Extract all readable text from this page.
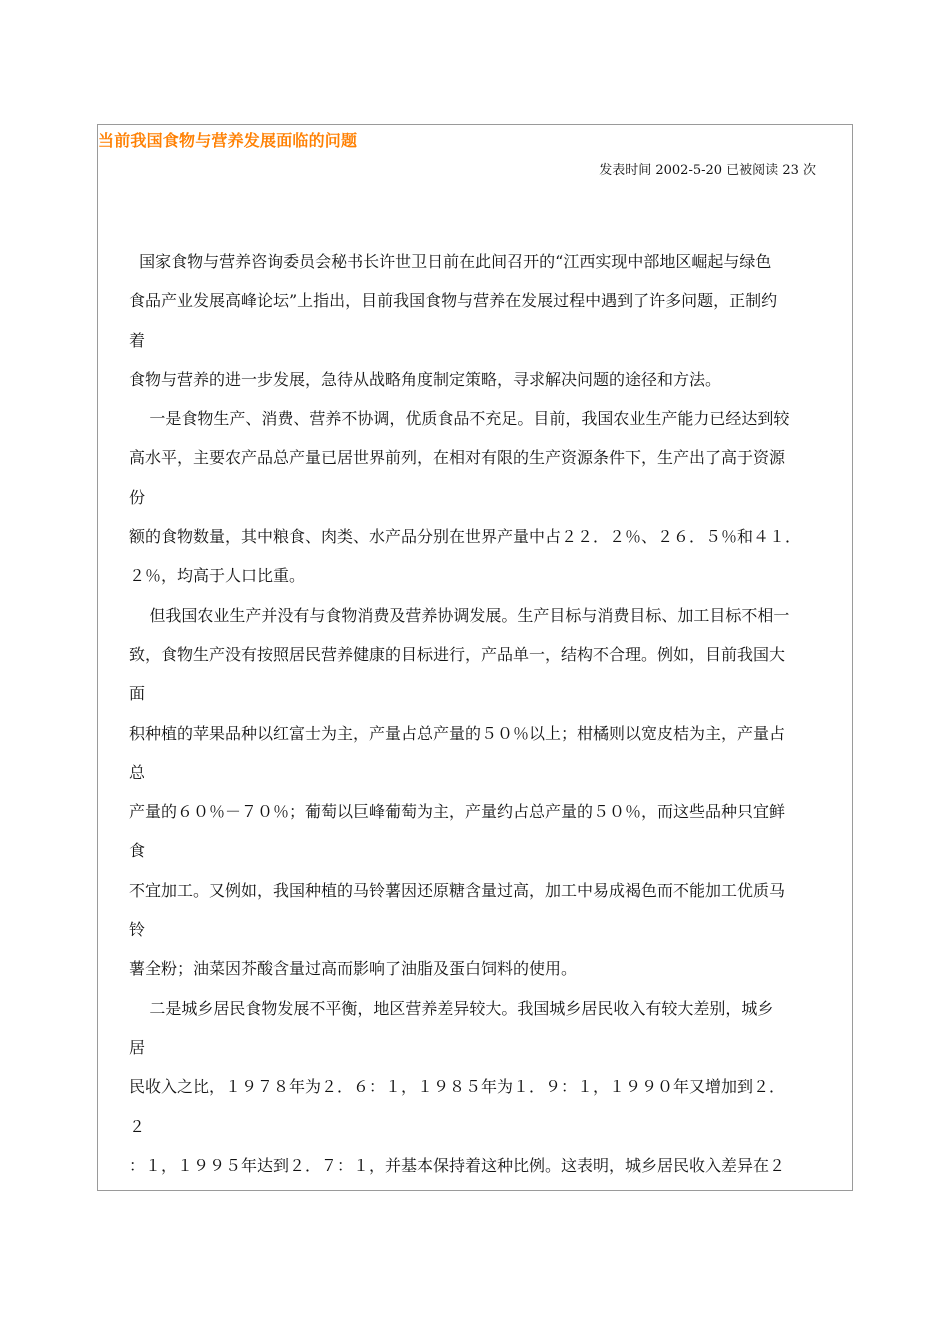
当前我国食物与营养发展面临的问题
发表时间 2002-5-20 已被阅读 23 次
国家食物与营养咨询委员会秘书长许世卫日前在此间召开的“江西实现中部地区崛起与绿色
食品产业发展高峰论坛”上指出，目前我国食物与营养在发展过程中遇到了许多问题，正制约
着
食物与营养的进一步发展，急待从战略角度制定策略，寻求解决问题的途径和方法。
一是食物生产、消费、营养不协调，优质食品不充足。目前，我国农业生产能力已经达到较
高水平，主要农产品总产量已居世界前列，在相对有限的生产资源条件下，生产出了高于资源
份
额的食物数量，其中粮食、肉类、水产品分别在世界产量中占２２．２％、２６．５％和４１．
２％，均高于人口比重。
但我国农业生产并没有与食物消费及营养协调发展。生产目标与消费目标、加工目标不相一
致，食物生产没有按照居民营养健康的目标进行，产品单一，结构不合理。例如，目前我国大
面
积种植的苹果品种以红富士为主，产量占总产量的５０％以上；柑橘则以宽皮桔为主，产量占
总
产量的６０％－７０％；葡萄以巨峰葡萄为主，产量约占总产量的５０％，而这些品种只宜鲜
食
不宜加工。又例如，我国种植的马铃薯因还原糖含量过高，加工中易成褐色而不能加工优质马
铃
薯全粉；油菜因芥酸含量过高而影响了油脂及蛋白饲料的使用。
二是城乡居民食物发展不平衡，地区营养差异较大。我国城乡居民收入有较大差别，城乡
居
民收入之比，１９７８年为２．６：１，１９８５年为１．９：１，１９９０年又增加到２．
２
：１，１９９５年达到２．７：１，并基本保持着这种比例。这表明，城乡居民收入差异在２
